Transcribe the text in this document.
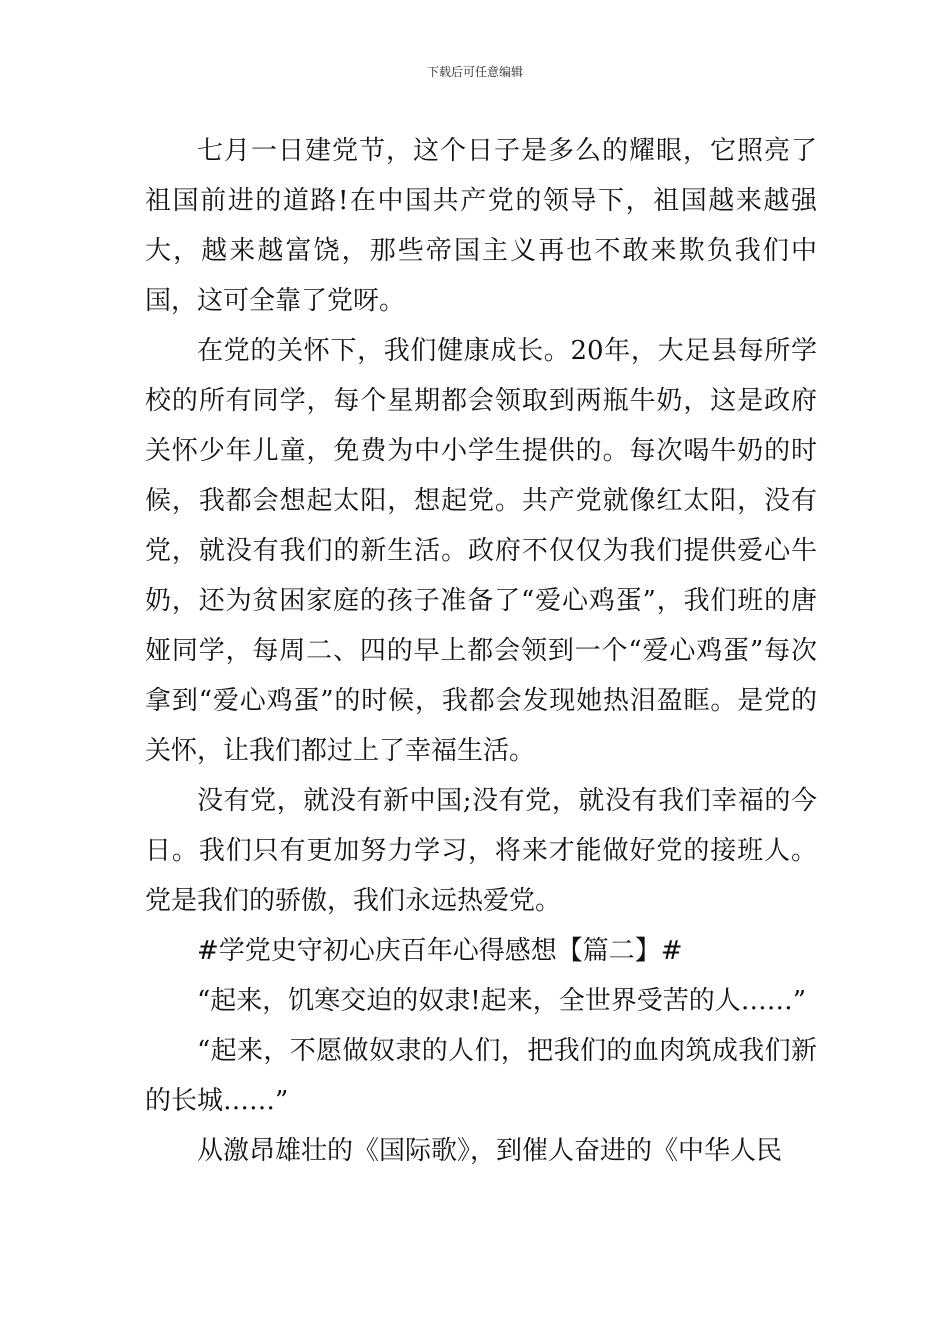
下载后可任意编辑

七月一日建党节，这个日子是多么的耀眼，它照亮了祖国前进的道路!在中国共产党的领导下，祖国越来越强大，越来越富饶，那些帝国主义再也不敢来欺负我们中国，这可全靠了党呀。

在党的关怀下，我们健康成长。20年，大足县每所学校的所有同学，每个星期都会领取到两瓶牛奶，这是政府关怀少年儿童，免费为中小学生提供的。每次喝牛奶的时候，我都会想起太阳，想起党。共产党就像红太阳，没有党，就没有我们的新生活。政府不仅仅为我们提供爱心牛奶，还为贫困家庭的孩子准备了“爱心鸡蛋”，我们班的唐娅同学，每周二、四的早上都会领到一个“爱心鸡蛋”每次拿到“爱心鸡蛋”的时候，我都会发现她热泪盈眶。是党的关怀，让我们都过上了幸福生活。

没有党，就没有新中国;没有党，就没有我们幸福的今日。我们只有更加努力学习，将来才能做好党的接班人。党是我们的骄傲，我们永远热爱党。

#学党史守初心庆百年心得感想【篇二】#

“起来，饥寒交迫的奴隶!起来，全世界受苦的人……”

“起来，不愿做奴隶的人们，把我们的血肉筑成我们新的长城……”

从激昂雄壮的《国际歌》，到催人奋进的《中华人民
